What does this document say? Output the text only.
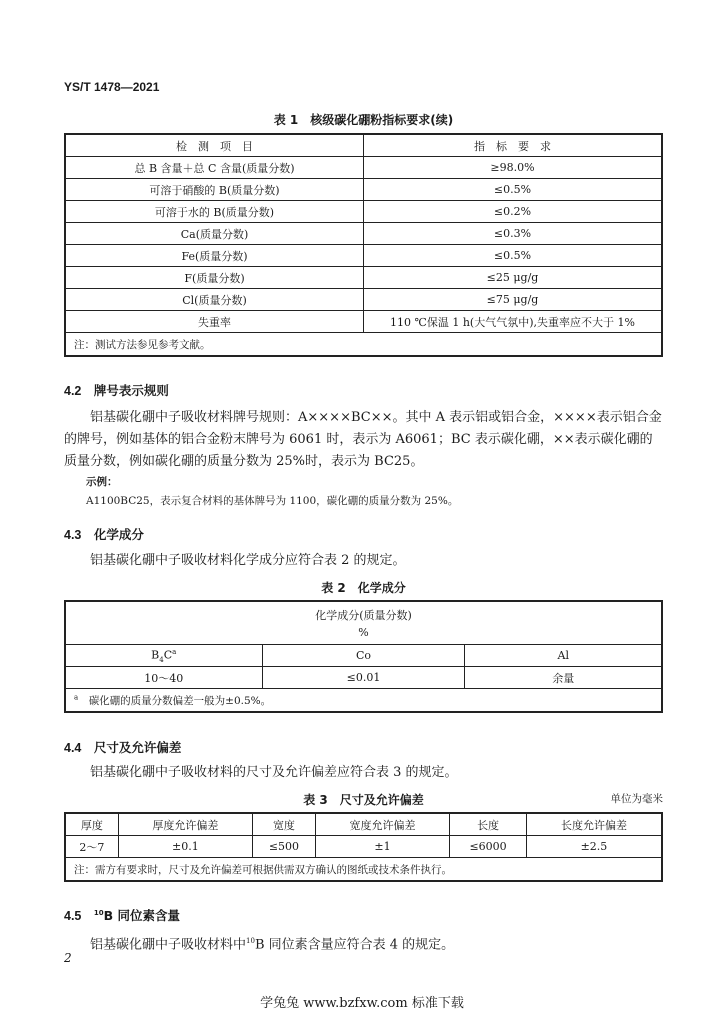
YS/T 1478—2021
表 1　核级碳化硼粉指标要求(续)
检　测　项　目	指　标　要　求
总 B 含量＋总 C 含量(质量分数)	≥98.0%
可溶于硝酸的 B(质量分数)	≤0.5%
可溶于水的 B(质量分数)	≤0.2%
Ca(质量分数)	≤0.3%
Fe(质量分数)	≤0.5%
F(质量分数)	≤25 μg/g
Cl(质量分数)	≤75 μg/g
失重率	110 ℃保温 1 h(大气气氛中),失重率应不大于 1%
注：测试方法参见参考文献。	
4.2　 牌号表示规则
铝基碳化硼中子吸收材料牌号规则：A××××BC××。其中 A 表示铝或铝合金，××××表示铝合金的牌号，例如基体的铝合金粉末牌号为 6061 时，表示为 A6061；BC 表示碳化硼，××表示碳化硼的质量分数，例如碳化硼的质量分数为 25%时，表示为 BC25。
示例：
A1100BC25，表示复合材料的基体牌号为 1100，碳化硼的质量分数为 25%。
4.3　 化学成分
铝基碳化硼中子吸收材料化学成分应符合表 2 的规定。
表 2　化学成分
化学成分(质量分数)
%		

$B_4C^a$	Co	Al
10～40	≤0.01	余量
$^a$　 碳化硼的质量分数偏差一般为±0.5%。		
4.4　 尺寸及允许偏差
铝基碳化硼中子吸收材料的尺寸及允许偏差应符合表 3 的规定。
表 3　尺寸及允许偏差	单位为毫米
厚度	厚度允许偏差	宽度	宽度允许偏差	长度	长度允许偏差
2～7	±0.1	≤500	±1	≤6000	±2.5
注：需方有要求时，尺寸及允许偏差可根据供需双方确认的图纸或技术条件执行。					
4.5　 $^{10}$B 同位素含量
铝基碳化硼中子吸收材料中$^{10}$B 同位素含量应符合表 4 的规定。
2
学兔兔 www.bzfxw.com 标准下载
